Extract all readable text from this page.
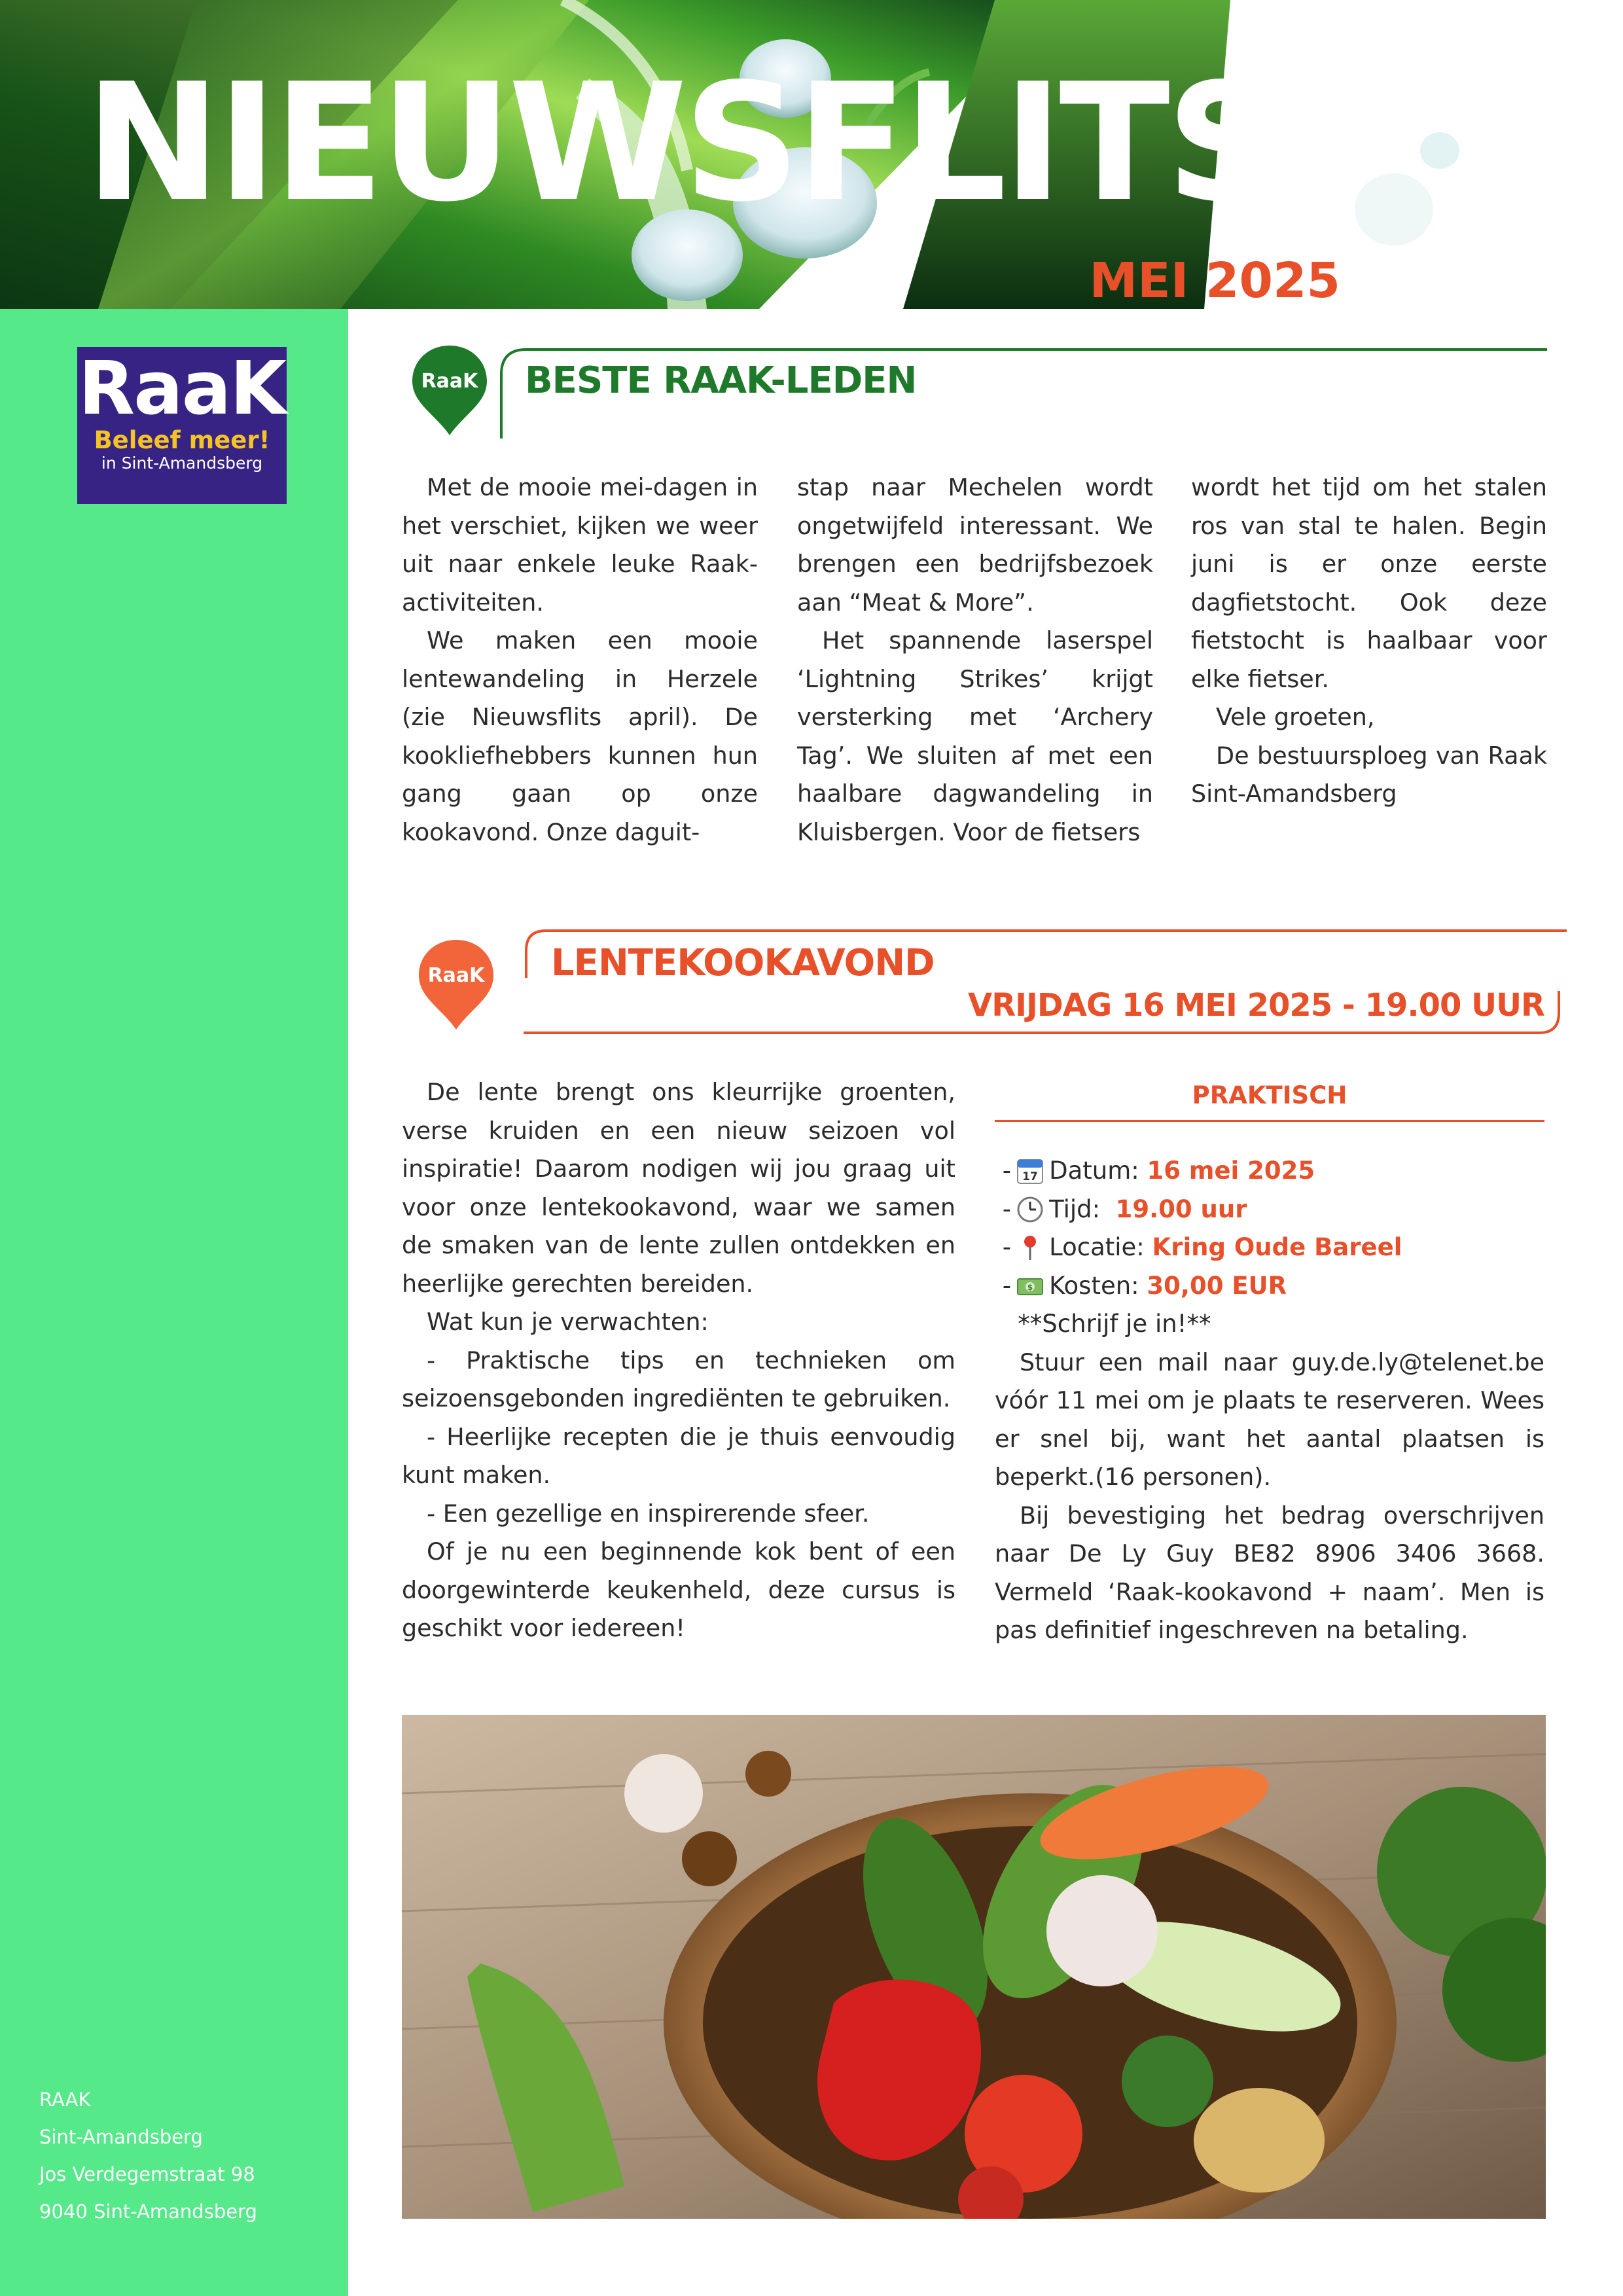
NIEUWSFLITS
MEI 2025
RaaK
Beleef meer!
in Sint-Amandsberg
RAAK
Sint-Amandsberg
Jos Verdegemstraat 98
9040 Sint-Amandsberg
RaaK BESTE RAAK-LEDEN

Met de mooie mei-dagen in het verschiet, kijken we weer uit naar enkele leuke Raak-activiteiten.

We maken een mooie lentewandeling in Herzele (zie Nieuwsflits april). De kookliefhebbers kunnen hun gang gaan op onze kookavond. Onze daguit-

stap naar Mechelen wordt ongetwijfeld interessant. We brengen een bedrijfsbezoek aan “Meat & More”.

Het spannende laserspel ‘Lightning Strikes’ krijgt versterking met ‘Archery Tag’. We sluiten af met een haalbare dagwandeling in Kluisbergen. Voor de fietsers

wordt het tijd om het stalen ros van stal te halen. Begin juni is er onze eerste dagfietstocht. Ook deze fietstocht is haalbaar voor elke fietser.

Vele groeten,

De bestuursploeg van Raak Sint-Amandsberg

RaaK LENTEKOOKAVOND
VRIJDAG 16 MEI 2025 - 19.00 UUR

De lente brengt ons kleurrijke groenten, verse kruiden en een nieuw seizoen vol inspiratie! Daarom nodigen wij jou graag uit voor onze lentekookavond, waar we samen de smaken van de lente zullen ontdekken en heerlijke gerechten bereiden.

Wat kun je verwachten:

- Praktische tips en technieken om seizoensgebonden ingrediënten te gebruiken.

- Heerlijke recepten die je thuis eenvoudig kunt maken.

- Een gezellige en inspirerende sfeer.

Of je nu een beginnende kok bent of een doorgewinterde keukenheld, deze cursus is geschikt voor iedereen!

PRAKTISCH
- 17 Datum:
16 mei 2025
- Tijd:
19.00 uur
- Locatie:
Kring Oude Bareel
- $ Kosten:
30,00 EUR

**Schrijf je in!**

Stuur een mail naar guy.de.ly@telenet.be vóór 11 mei om je plaats te reserveren. Wees er snel bij, want het aantal plaatsen is beperkt.(16 personen).

Bij bevestiging het bedrag overschrijven naar De Ly Guy BE82 8906 3406 3668. Vermeld ‘Raak-kookavond + naam’. Men is pas definitief ingeschreven na betaling.
